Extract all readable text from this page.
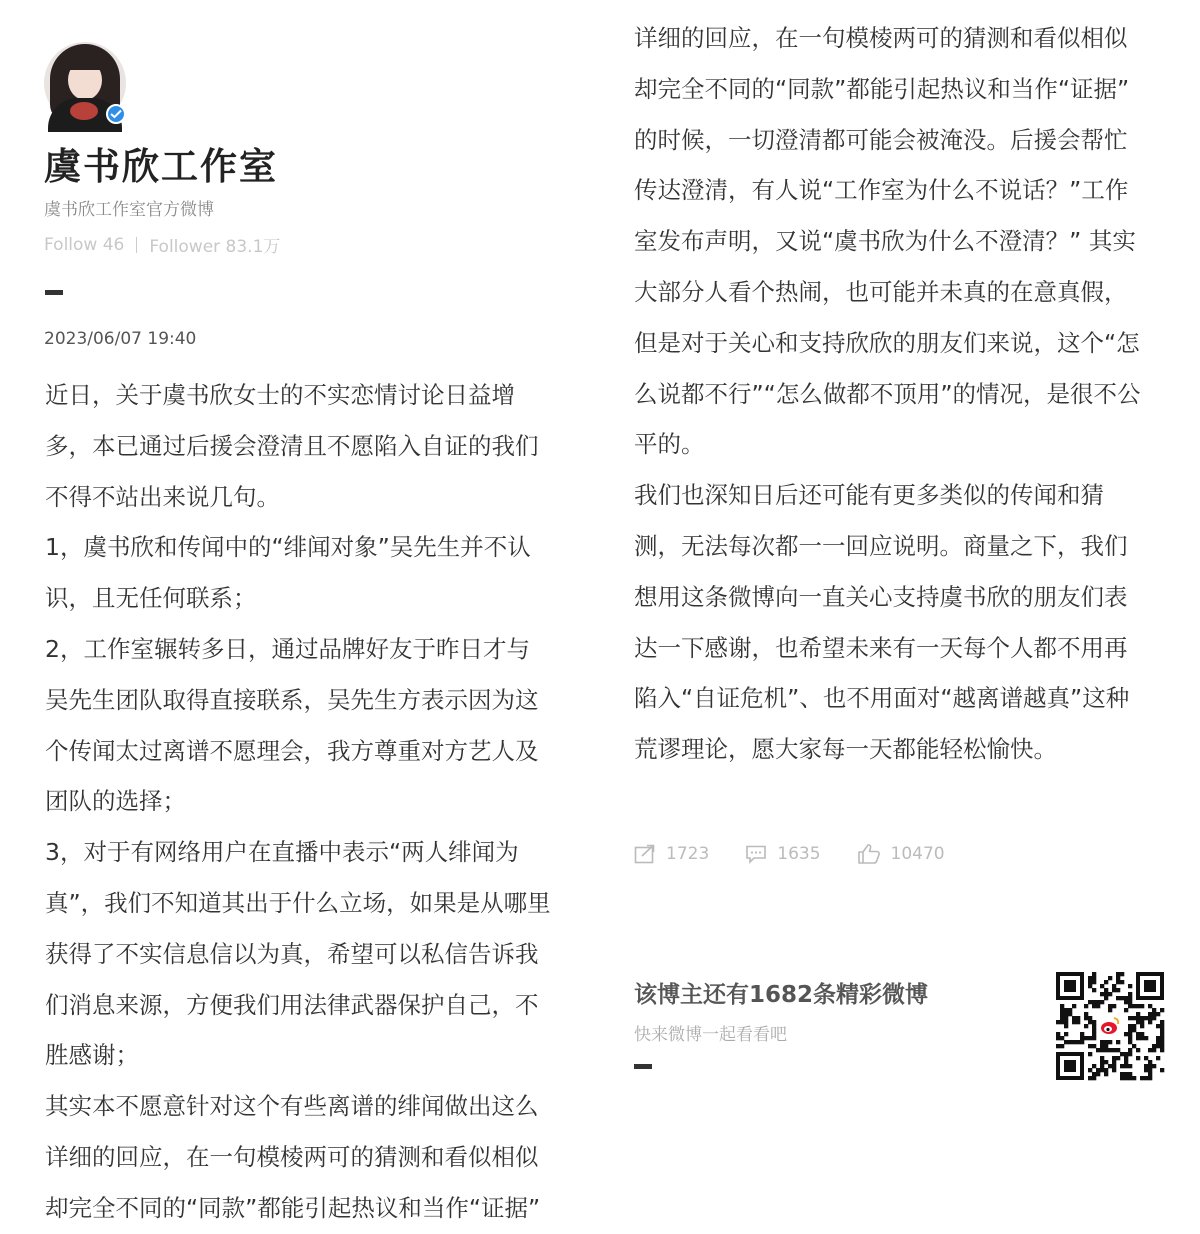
虞书欣工作室
虞书欣工作室官方微博
Follow 46 Follower 83.1万
2023/06/07 19:40
近日，关于虞书欣女士的不实恋情讨论日益增
多，本已通过后援会澄清且不愿陷入自证的我们
不得不站出来说几句。
1，虞书欣和传闻中的“绯闻对象”吴先生并不认
识，且无任何联系；
2，工作室辗转多日，通过品牌好友于昨日才与
吴先生团队取得直接联系，吴先生方表示因为这
个传闻太过离谱不愿理会，我方尊重对方艺人及
团队的选择；
3，对于有网络用户在直播中表示“两人绯闻为
真”，我们不知道其出于什么立场，如果是从哪里
获得了不实信息信以为真，希望可以私信告诉我
们消息来源，方便我们用法律武器保护自己，不
胜感谢；
其实本不愿意针对这个有些离谱的绯闻做出这么
详细的回应，在一句模棱两可的猜测和看似相似
却完全不同的“同款”都能引起热议和当作“证据”
详细的回应，在一句模棱两可的猜测和看似相似
却完全不同的“同款”都能引起热议和当作“证据”
的时候，一切澄清都可能会被淹没。后援会帮忙
传达澄清，有人说“工作室为什么不说话？”工作
室发布声明，又说“虞书欣为什么不澄清？” 其实
大部分人看个热闹，也可能并未真的在意真假，
但是对于关心和支持欣欣的朋友们来说，这个“怎
么说都不行”“怎么做都不顶用”的情况，是很不公
平的。
我们也深知日后还可能有更多类似的传闻和猜
测，无法每次都一一回应说明。商量之下，我们
想用这条微博向一直关心支持虞书欣的朋友们表
达一下感谢，也希望未来有一天每个人都不用再
陷入“自证危机”、也不用面对“越离谱越真”这种
荒谬理论，愿大家每一天都能轻松愉快。
1723	1635	10470
该博主还有1682条精彩微博
快来微博一起看看吧
